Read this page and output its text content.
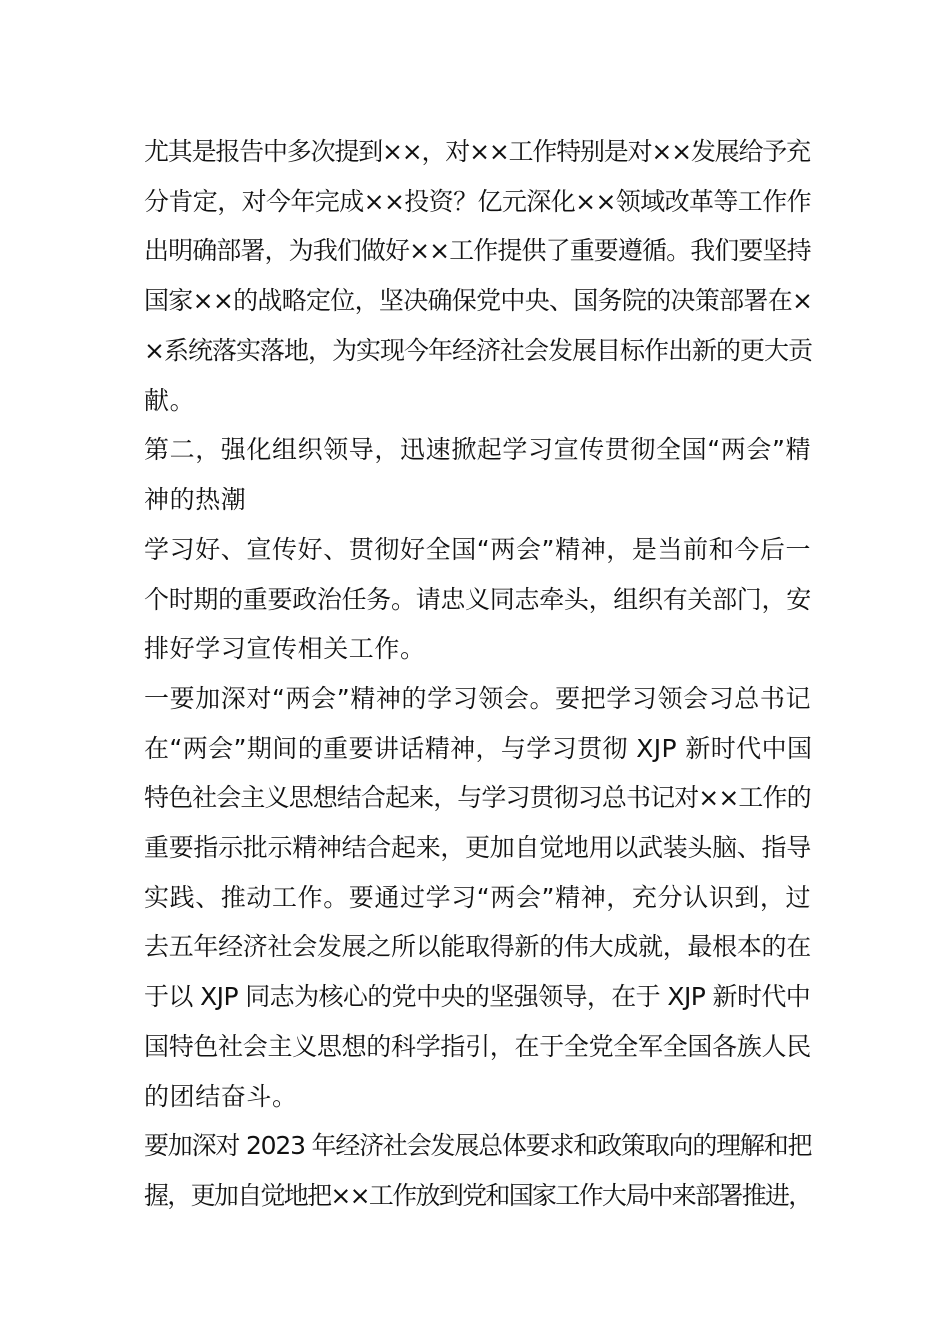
尤其是报告中多次提到××，对××工作特别是对××发展给予充
分肯定，对今年完成××投资？亿元深化××领域改革等工作作
出明确部署，为我们做好××工作提供了重要遵循。我们要坚持
国家××的战略定位，坚决确保党中央、国务院的决策部署在×
×系统落实落地，为实现今年经济社会发展目标作出新的更大贡
献。
第二，强化组织领导，迅速掀起学习宣传贯彻全国“两会”精
神的热潮
学习好、宣传好、贯彻好全国“两会”精神，是当前和今后一
个时期的重要政治任务。请忠义同志牵头，组织有关部门，安
排好学习宣传相关工作。
一要加深对“两会”精神的学习领会。要把学习领会习总书记
在“两会”期间的重要讲话精神，与学习贯彻 XJP 新时代中国
特色社会主义思想结合起来，与学习贯彻习总书记对××工作的
重要指示批示精神结合起来，更加自觉地用以武装头脑、指导
实践、推动工作。要通过学习“两会”精神，充分认识到，过
去五年经济社会发展之所以能取得新的伟大成就，最根本的在
于以 XJP 同志为核心的党中央的坚强领导，在于 XJP 新时代中
国特色社会主义思想的科学指引，在于全党全军全国各族人民
的团结奋斗。
要加深对 2023 年经济社会发展总体要求和政策取向的理解和把
握，更加自觉地把××工作放到党和国家工作大局中来部署推进，
